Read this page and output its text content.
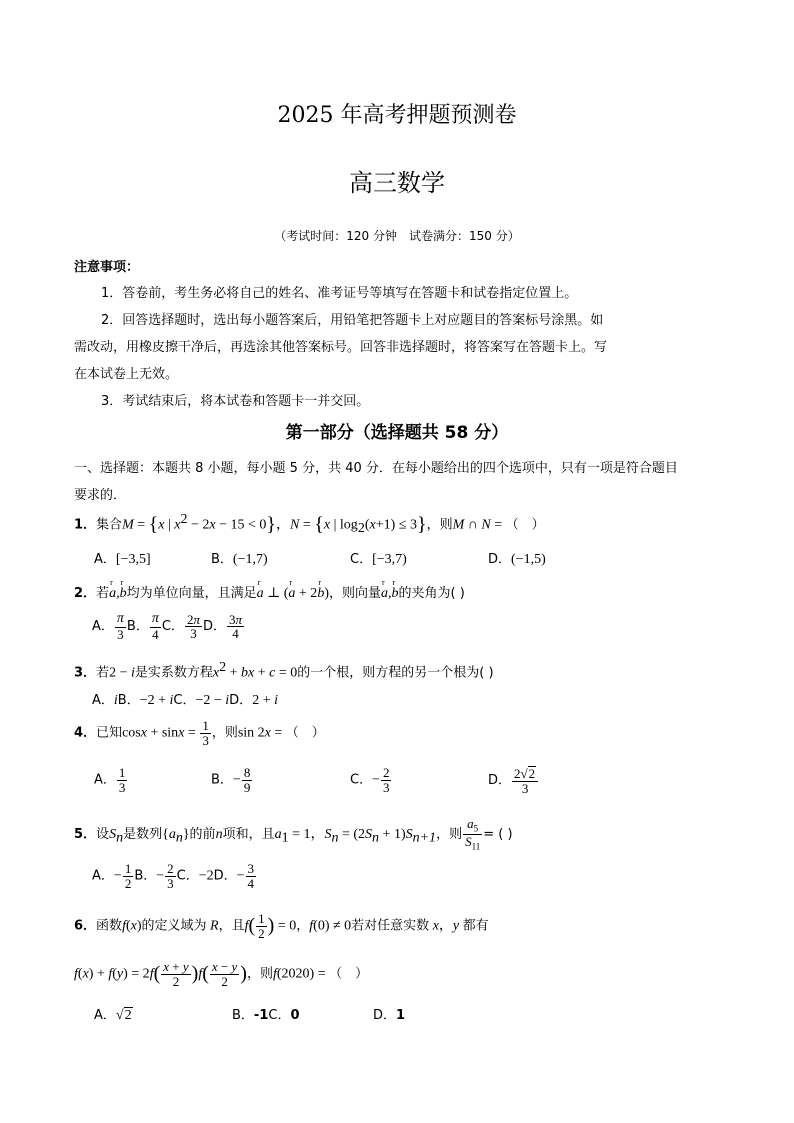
2025 年高考押题预测卷
高三数学
（考试时间：120 分钟　试卷满分：150 分）
注意事项：
1．答卷前，考生务必将自己的姓名、准考证号等填写在答题卡和试卷指定位置上。
2．回答选择题时，选出每小题答案后，用铅笔把答题卡上对应题目的答案标号涂黑。如
需改动，用橡皮擦干净后，再选涂其他答案标号。回答非选择题时，将答案写在答题卡上。写
在本试卷上无效。
3．考试结束后，将本试卷和答题卡一并交回。
第一部分（选择题共 58 分）
一、选择题：本题共 8 小题，每小题 5 分，共 40 分．在每小题给出的四个选项中，只有一项是符合题目
要求的．
1．集合M = {x | $x^2 - 2x - 15 < 0$}，N = {x | $\log_2(x+1) \le 3$}，则M ∩ N = （　）
A．[−3,5]	B．(−1,7)	C．[−3,7)	D．(−1,5)
2．若r a,r b均为单位向量，且满足r a ⊥ (r a + 2r b)，则向量r a,r b的夹角为( )
A． $\frac{\pi}{3}$ B． $\frac{\pi}{4}$ C． $\frac{2\pi}{3}$ D． $\frac{3\pi}{4}$
3．若2 − i是实系数方程$x^2$ + bx + c = 0的一个根，则方程的另一个根为( )
A．iB．−2 + iC．−2 − iD．2 + i
4．已知$\cos x + \sin x = \frac{1}{3}$ ，则sin 2x = （　）
A． $\frac{1}{3}$	B．− $\frac{8}{9}$	C．− $\frac{2}{3}$	D． $\frac{2√2}{3}$
5．设$S_n$是数列$\{a_n\}$的前n项和，且$a_1 = 1$，$S_n = (2S_n + 1)S_{n+1}$，则 $\frac{a_5}{S_{11}}$ = ( )
A．− $\frac{1}{2}$ B．− $\frac{2}{3}$ C．−2D．− $\frac{3}{4}$
6．函数f(x)的定义域为 R，且$f( \frac{1}{2}$ ) = 0，f(0) ≠ 0若对任意实数 x，y 都有
$f(x) + f(y) = 2f( \frac{x + y}{2} )f( \frac{x - y}{2}$ )，则f(2020) = （　）
A．√2	B．-1C．0	D．1
